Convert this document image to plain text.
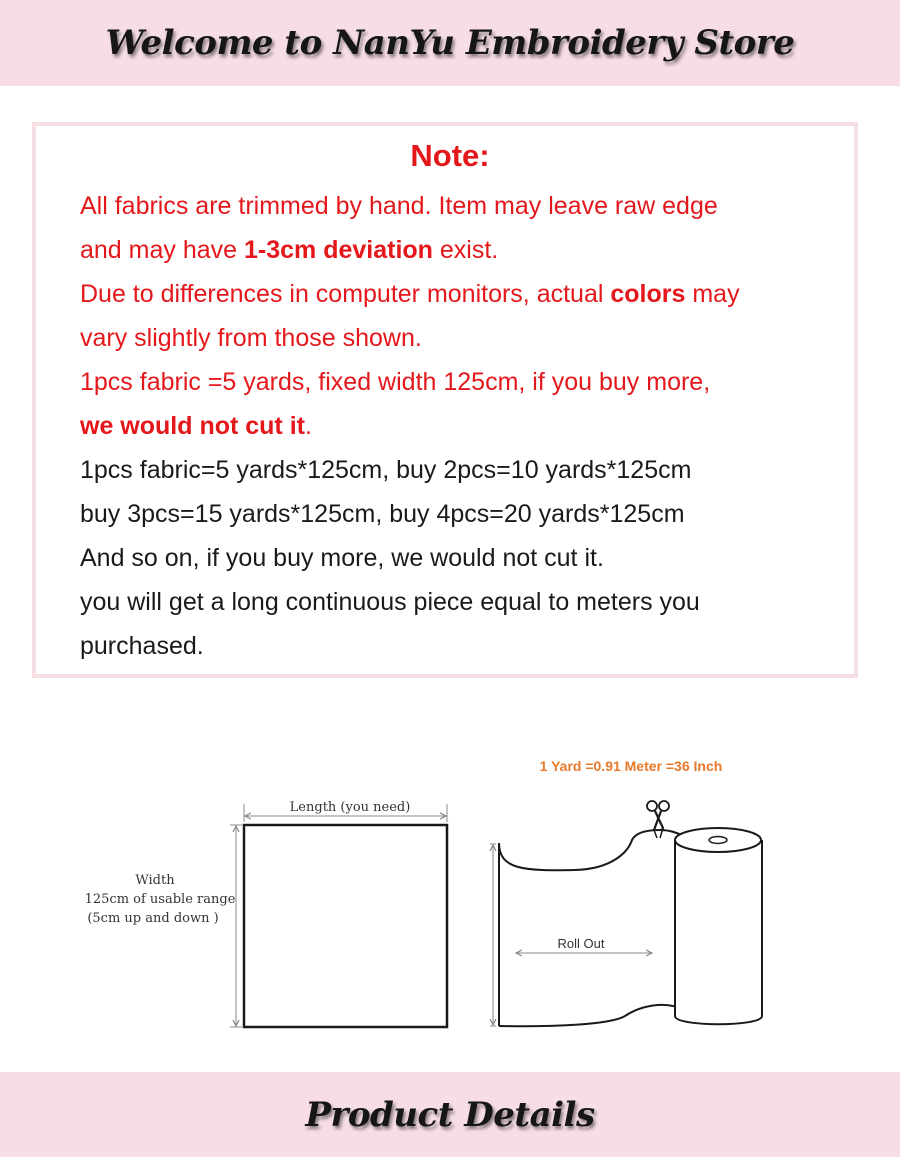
Welcome to NanYu Embroidery Store
Note:
All fabrics are trimmed by hand. Item may leave raw edge
and may have 1-3cm deviation exist.
Due to differences in computer monitors, actual colors may
vary slightly from those shown.
1pcs fabric =5 yards, fixed width 125cm, if you buy more,
we would not cut it.
1pcs fabric=5 yards*125cm, buy 2pcs=10 yards*125cm
buy 3pcs=15 yards*125cm, buy 4pcs=20 yards*125cm
And so on, if you buy more, we would not cut it.
you will get a long continuous piece equal to meters you
purchased.
Length (you need)
Width
125cm of usable range
(5cm up and down )
1 Yard =0.91 Meter =36 Inch
Roll Out
Product Details
